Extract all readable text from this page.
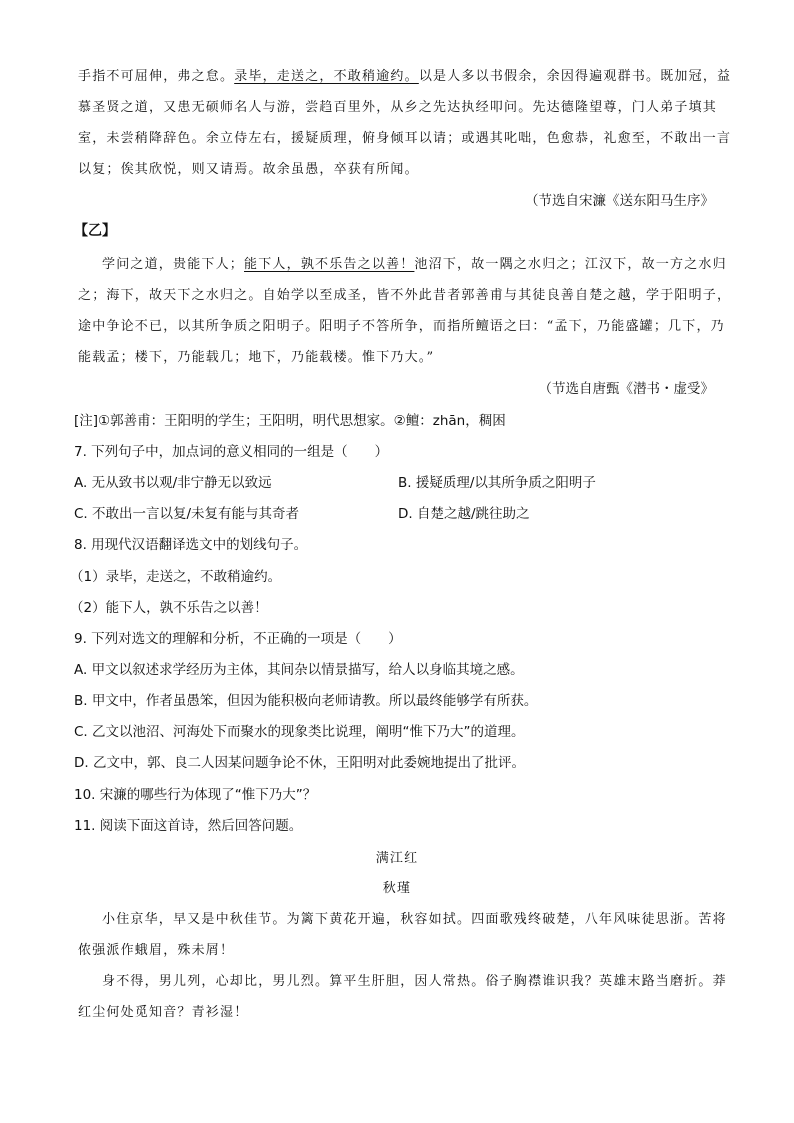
手指不可屈伸，弗之怠。录毕，走送之，不敢稍逾约。以是人多以书假余，余因得遍观群书。既加冠，益
慕圣贤之道，又患无硕师名人与游，尝趋百里外，从乡之先达执经叩问。先达德隆望尊，门人弟子填其
室，未尝稍降辞色。余立侍左右，援疑质理，俯身倾耳以请；或遇其叱咄，色愈恭，礼愈至，不敢出一言
以复；俟其欣悦，则又请焉。故余虽愚，卒获有所闻。
（节选自宋濂《送东阳马生序》
【乙】
学问之道，贵能下人；能下人，孰不乐告之以善！池沼下，故一隅之水归之；江汉下，故一方之水归
之；海下，故天下之水归之。自始学以至成圣，皆不外此昔者郭善甫与其徒良善自楚之越，学于阳明子，
途中争论不已，以其所争质之阳明子。阳明子不答所争，而指所鳣语之曰：“孟下，乃能盛罐；几下，乃
能载孟；楼下，乃能载几；地下，乃能载楼。惟下乃大。”
（节选自唐甄《潜书・虚受》
[注]①郭善甫：王阳明的学生；王阳明，明代思想家。②鳣：zhān，稠困
7. 下列句子中，加点词的意义相同的一组是（　　）
A. 无从致书以观/非宁静无以致远	B. 援疑质理/以其所争质之阳明子
C. 不敢出一言以复/未复有能与其奇者	D. 自楚之越/跳往助之
8. 用现代汉语翻译选文中的划线句子。
（1）录毕，走送之，不敢稍逾约。
（2）能下人，孰不乐告之以善！
9. 下列对选文的理解和分析，不正确的一项是（　　）
A. 甲文以叙述求学经历为主体，其间杂以情景描写，给人以身临其境之感。
B. 甲文中，作者虽愚笨，但因为能积极向老师请教。所以最终能够学有所获。
C. 乙文以池沼、河海处下而聚水的现象类比说理，阐明“惟下乃大”的道理。
D. 乙文中，郭、良二人因某问题争论不休，王阳明对此委婉地提出了批评。
10. 宋濂的哪些行为体现了“惟下乃大”？
11. 阅读下面这首诗，然后回答问题。
满江红
秋瑾
小住京华，早又是中秋佳节。为篱下黄花开遍，秋容如拭。四面歌残终破楚，八年风味徒思浙。苦将
侬强派作蛾眉，殊未屑！
身不得，男儿列，心却比，男儿烈。算平生肝胆，因人常热。俗子胸襟谁识我？英雄末路当磨折。莽
红尘何处觅知音？青衫湿！
